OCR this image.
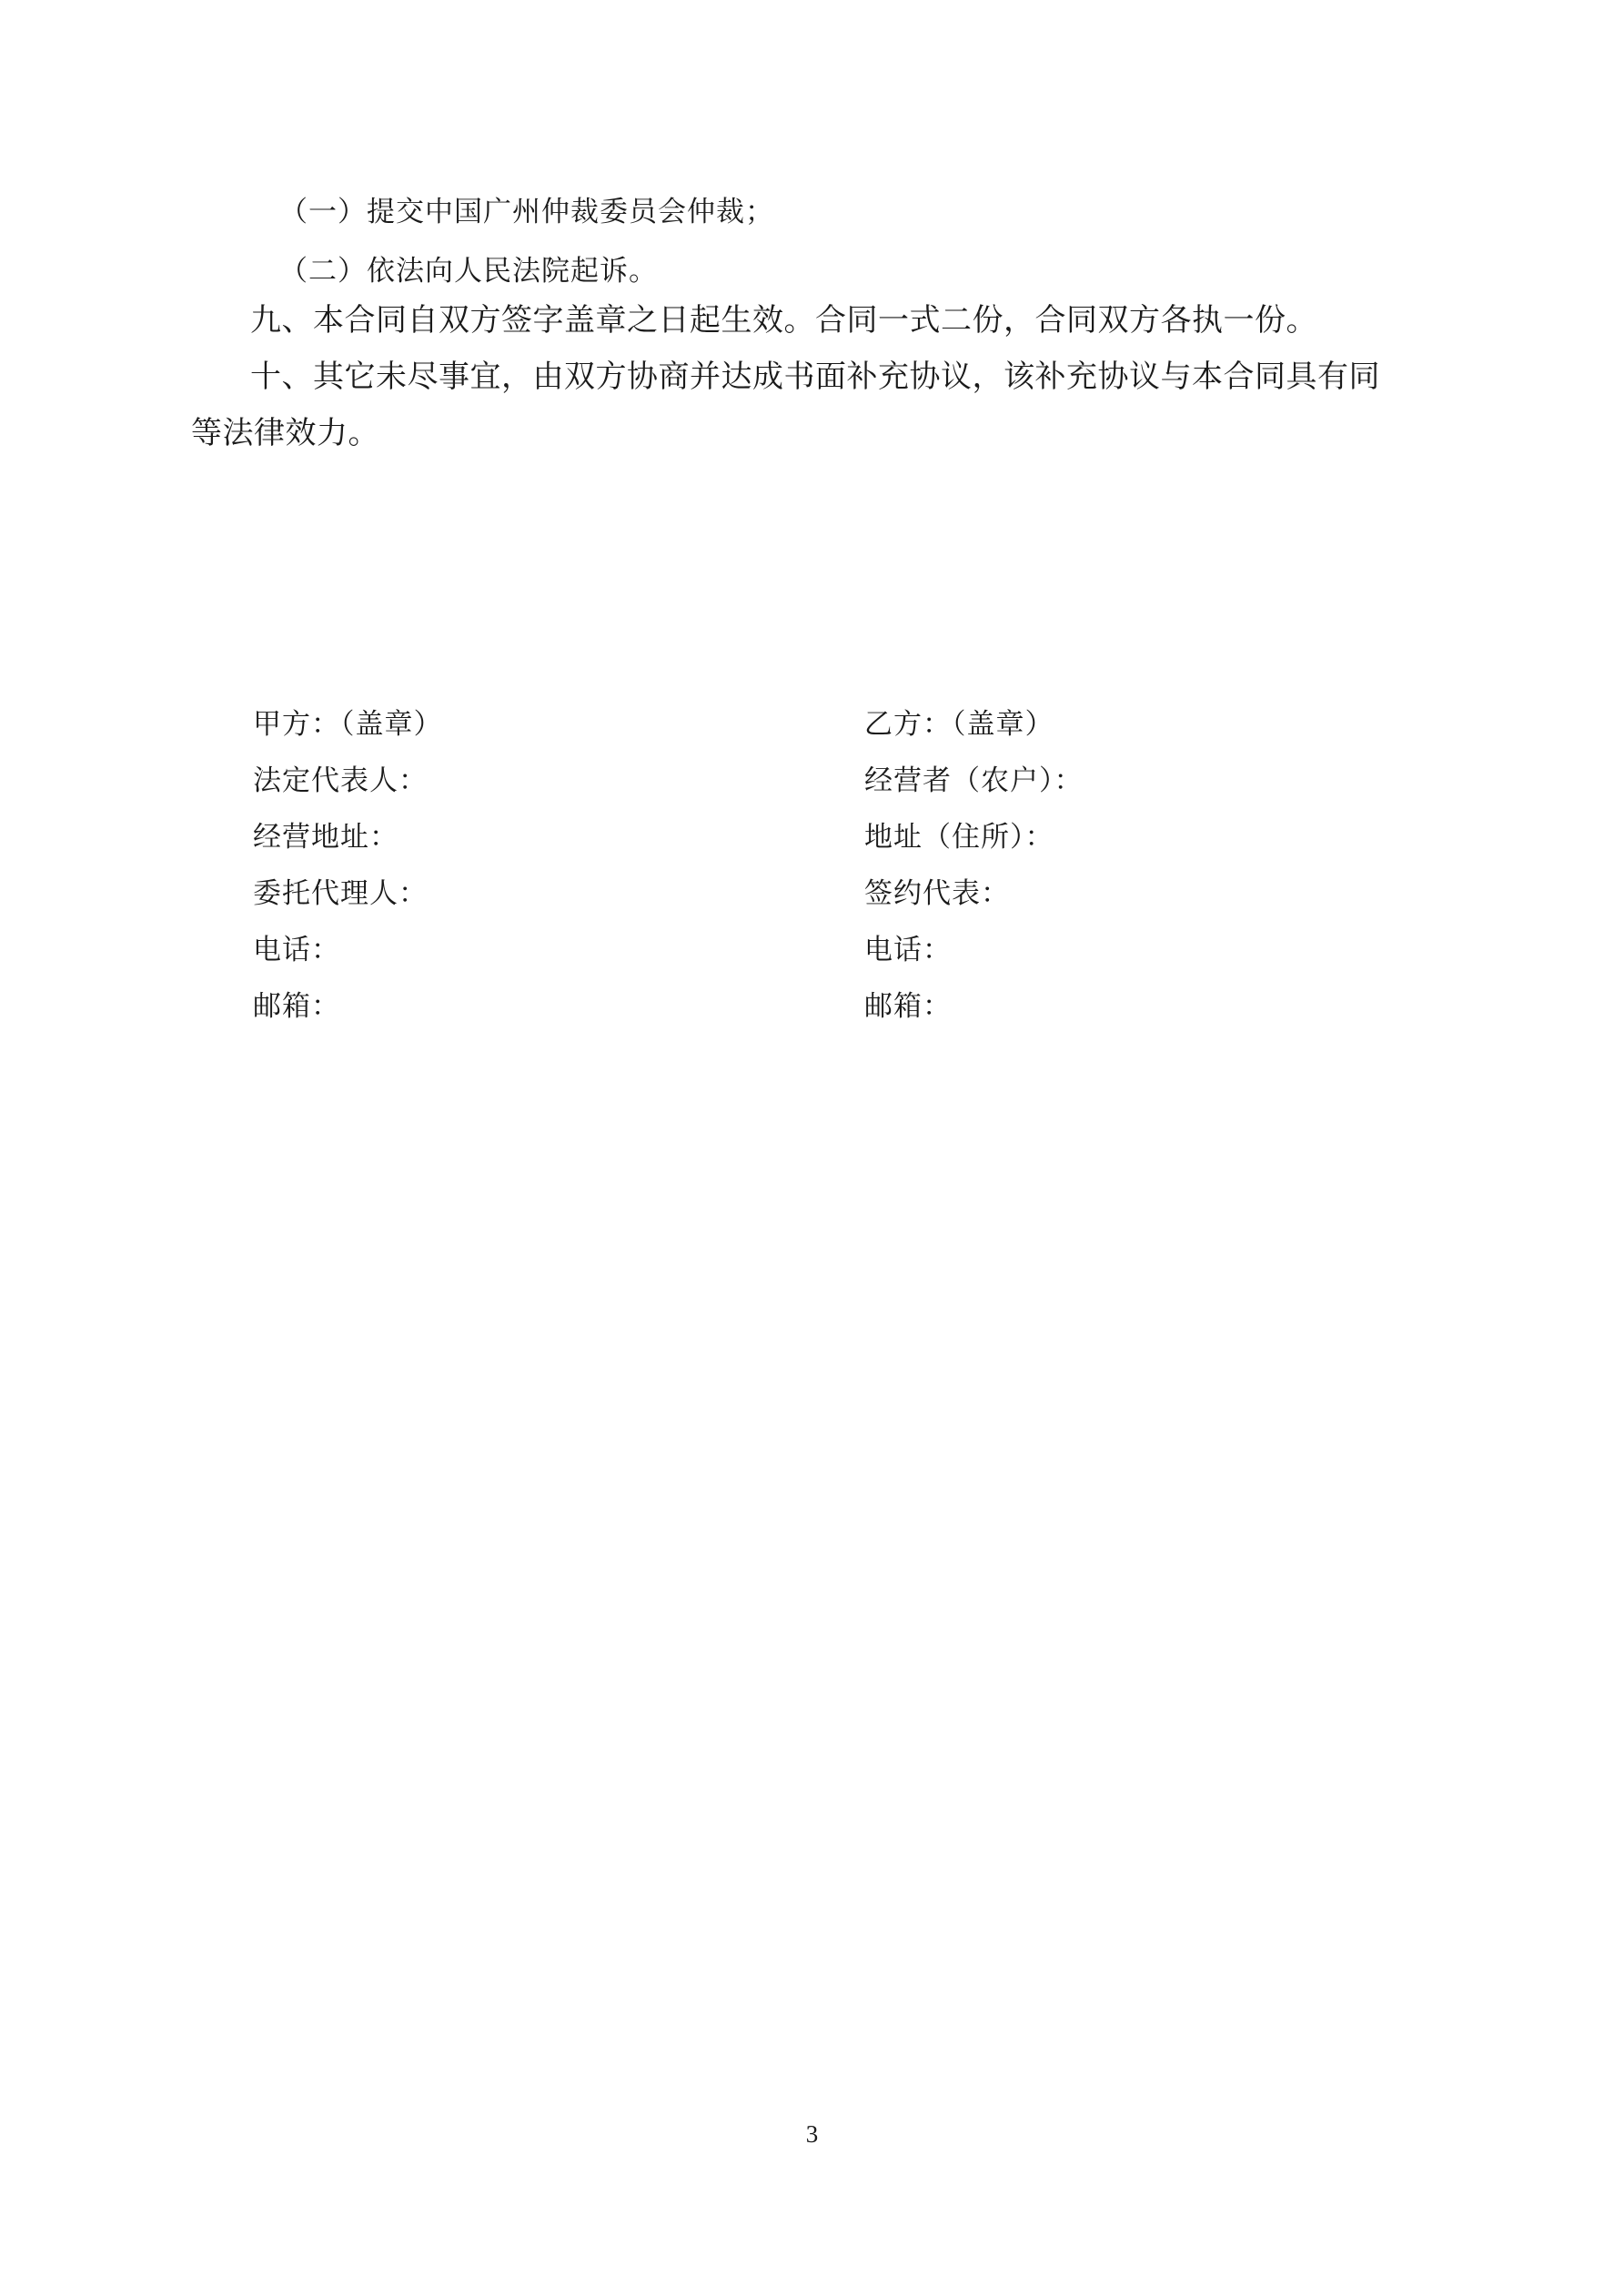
（一）提交中国广州仲裁委员会仲裁；
（二）依法向人民法院起诉。
九、本合同自双方签字盖章之日起生效。合同一式二份，合同双方各执一份。
十、其它未尽事宜，由双方协商并达成书面补充协议，该补充协议与本合同具有同
等法律效力。
甲方：（盖章）
法定代表人：
经营地址：
委托代理人：
电话：
邮箱：
乙方：（盖章）
经营者（农户）：
地址（住所）：
签约代表：
电话：
邮箱：
3
